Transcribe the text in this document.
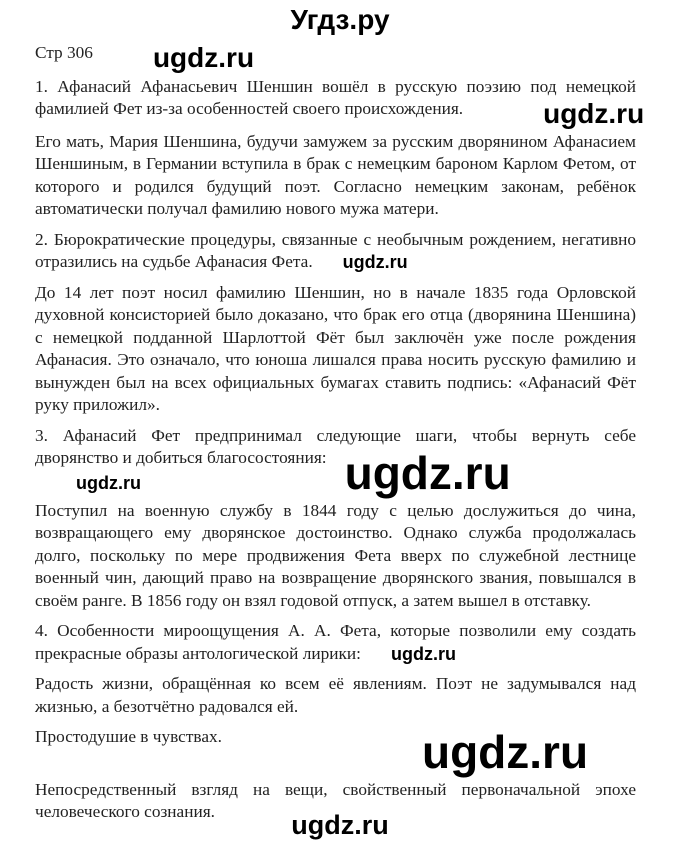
Угдз.ру

Стр 306 ugdz.ru

1. Афанасий Афанасьевич Шеншин вошёл в русскую поэзию под немецкой фамилией Фет из-за особенностей своего происхождения.	ugdz.ru

Его мать, Мария Шеншина, будучи замужем за русским дворянином Афанасием Шеншиным, в Германии вступила в брак с немецким бароном Карлом Фетом, от которого и родился будущий поэт. Согласно немецким законам, ребёнок автоматически получал фамилию нового мужа матери.

2. Бюрократические процедуры, связанные с необычным рождением, негативно отразились на судьбе Афанасия Фета. ugdz.ru

До 14 лет поэт носил фамилию Шеншин, но в начале 1835 года Орловской духовной консисторией было доказано, что брак его отца (дворянина Шеншина) с немецкой подданной Шарлоттой Фёт был заключён уже после рождения Афанасия. Это означало, что юноша лишался права носить русскую фамилию и вынужден был на всех официальных бумагах ставить подпись: «Афанасий Фёт руку приложил».

3. Афанасий Фет предпринимал следующие шаги, чтобы вернуть себе дворянство и добиться благосостояния: ugdz.ru
ugdz.ru

Поступил на военную службу в 1844 году с целью дослужиться до чина, возвращающего ему дворянское достоинство. Однако служба продолжалась долго, поскольку по мере продвижения Фета вверх по служебной лестнице военный чин, дающий право на возвращение дворянского звания, повышался в своём ранге. В 1856 году он взял годовой отпуск, а затем вышел в отставку.

4. Особенности мироощущения А. А. Фета, которые позволили ему создать прекрасные образы антологической лирики: ugdz.ru

Радость жизни, обращённая ко всем её явлениям. Поэт не задумывался над жизнью, а безотчётно радовался ей.

Простодушие в чувствах.	ugdz.ru

Непосредственный взгляд на вещи, свойственный первоначальной эпохе человеческого сознания.	ugdz.ru
